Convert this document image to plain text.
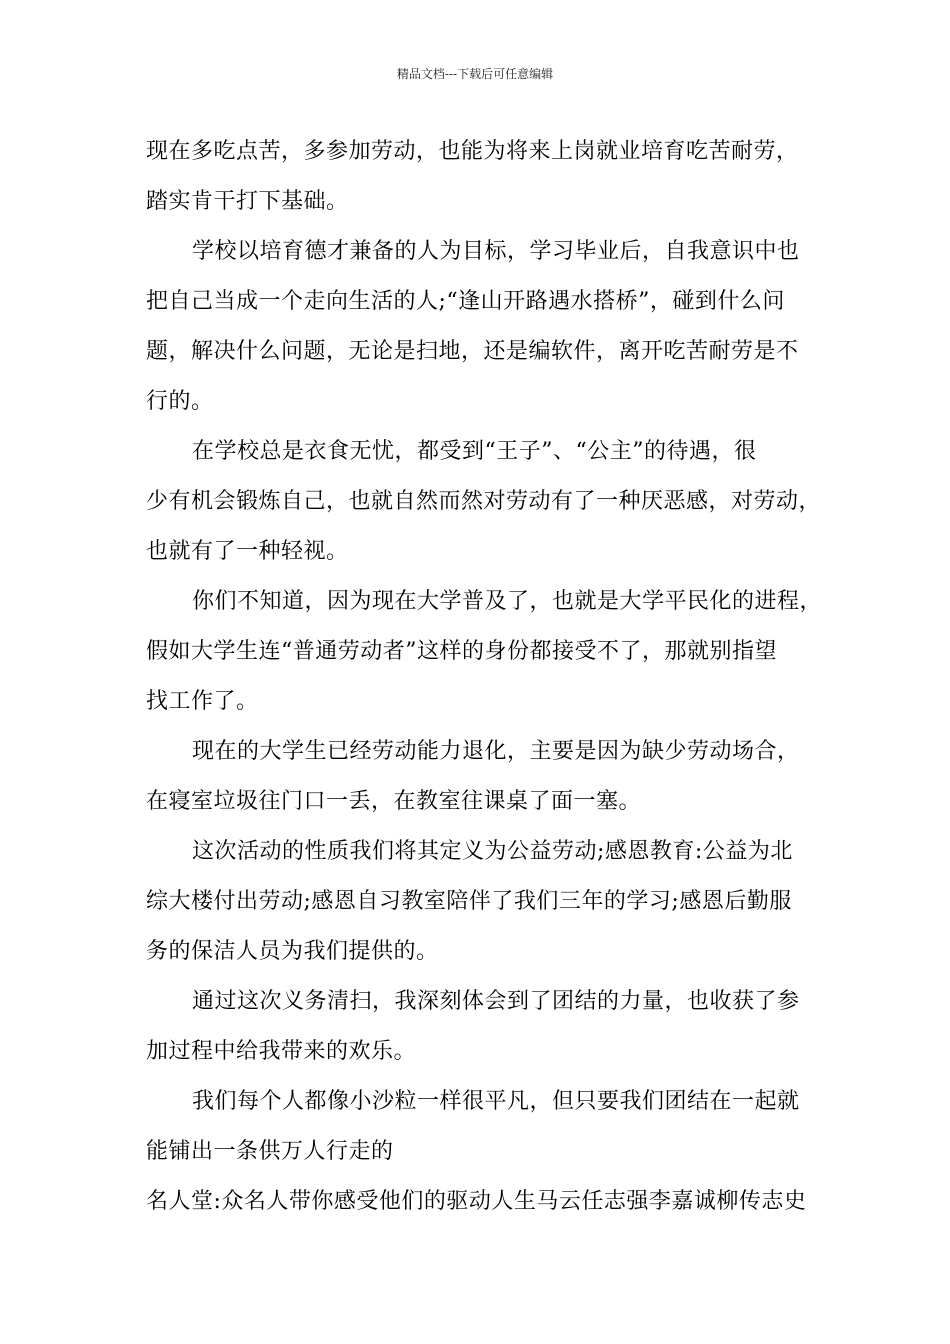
精品文档---下载后可任意编辑
现在多吃点苦，多参加劳动，也能为将来上岗就业培育吃苦耐劳，
踏实肯干打下基础。
学校以培育德才兼备的人为目标，学习毕业后，自我意识中也
把自己当成一个走向生活的人;“逢山开路遇水搭桥”，碰到什么问
题，解决什么问题，无论是扫地，还是编软件，离开吃苦耐劳是不
行的。
在学校总是衣食无忧，都受到“王子”、“公主”的待遇，很
少有机会锻炼自己，也就自然而然对劳动有了一种厌恶感，对劳动，
也就有了一种轻视。
你们不知道，因为现在大学普及了，也就是大学平民化的进程，
假如大学生连“普通劳动者”这样的身份都接受不了，那就别指望
找工作了。
现在的大学生已经劳动能力退化，主要是因为缺少劳动场合，
在寝室垃圾往门口一丢，在教室往课桌了面一塞。
这次活动的性质我们将其定义为公益劳动;感恩教育:公益为北
综大楼付出劳动;感恩自习教室陪伴了我们三年的学习;感恩后勤服
务的保洁人员为我们提供的。
通过这次义务清扫，我深刻体会到了团结的力量，也收获了参
加过程中给我带来的欢乐。
我们每个人都像小沙粒一样很平凡，但只要我们团结在一起就
能铺出一条供万人行走的
名人堂:众名人带你感受他们的驱动人生马云任志强李嘉诚柳传志史
